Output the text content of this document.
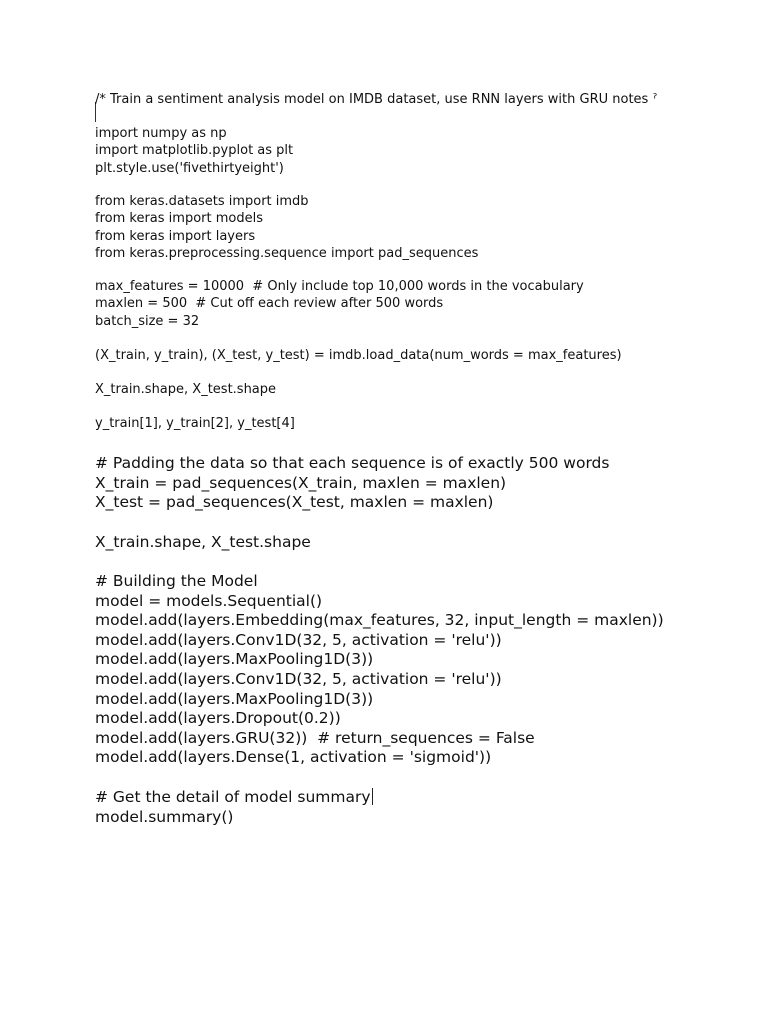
/* Train a sentiment analysis model on IMDB dataset, use RNN layers with GRU notes ˀ
import numpy as np
import matplotlib.pyplot as plt
plt.style.use('fivethirtyeight')
from keras.datasets import imdb
from keras import models
from keras import layers
from keras.preprocessing.sequence import pad_sequences
max_features = 10000  # Only include top 10,000 words in the vocabulary
maxlen = 500  # Cut off each review after 500 words
batch_size = 32
(X_train, y_train), (X_test, y_test) = imdb.load_data(num_words = max_features)
X_train.shape, X_test.shape
y_train[1], y_train[2], y_test[4]
# Padding the data so that each sequence is of exactly 500 words
X_train = pad_sequences(X_train, maxlen = maxlen)
X_test = pad_sequences(X_test, maxlen = maxlen)
X_train.shape, X_test.shape
# Building the Model
model = models.Sequential()
model.add(layers.Embedding(max_features, 32, input_length = maxlen))
model.add(layers.Conv1D(32, 5, activation = 'relu'))
model.add(layers.MaxPooling1D(3))
model.add(layers.Conv1D(32, 5, activation = 'relu'))
model.add(layers.MaxPooling1D(3))
model.add(layers.Dropout(0.2))
model.add(layers.GRU(32))  # return_sequences = False
model.add(layers.Dense(1, activation = 'sigmoid'))
# Get the detail of model summary
model.summary()
